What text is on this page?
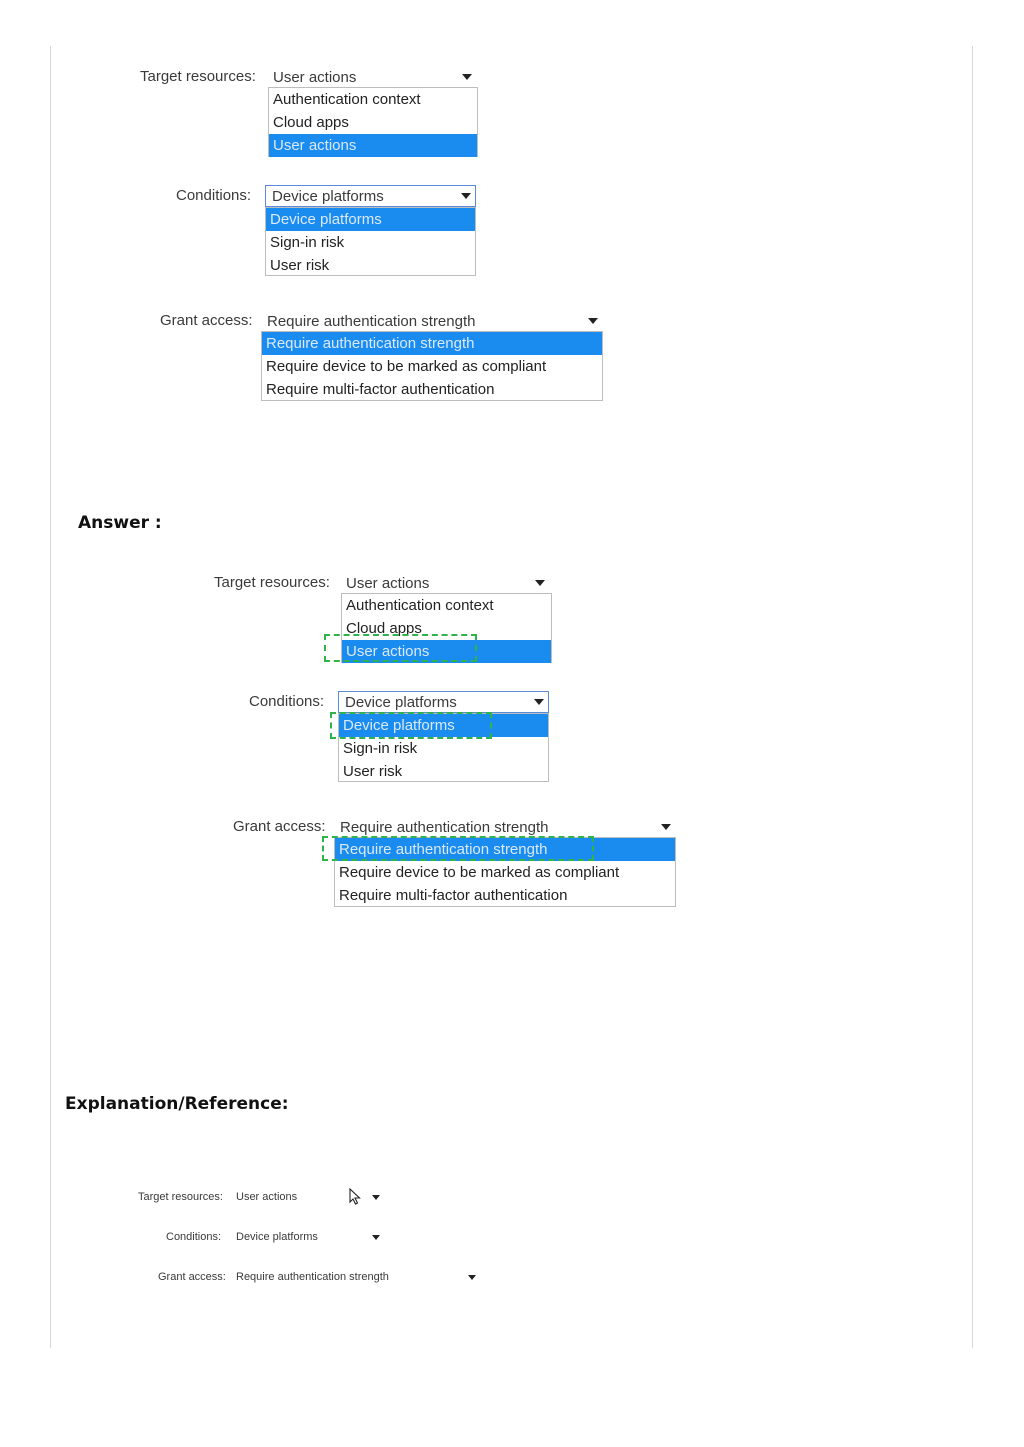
Target resources: User actions
Authentication context
Cloud apps
User actions
Conditions: Device platforms
Device platforms
Sign-in risk
User risk
Grant access: Require authentication strength
Require authentication strength
Require device to be marked as compliant
Require multi-factor authentication
Answer :
Target resources: User actions
Authentication context
Cloud apps
User actions
Conditions: Device platforms
Device platforms
Sign-in risk
User risk
Grant access: Require authentication strength
Require authentication strength
Require device to be marked as compliant
Require multi-factor authentication
Explanation/Reference:
Target resources: User actions
Conditions: Device platforms
Grant access: Require authentication strength
